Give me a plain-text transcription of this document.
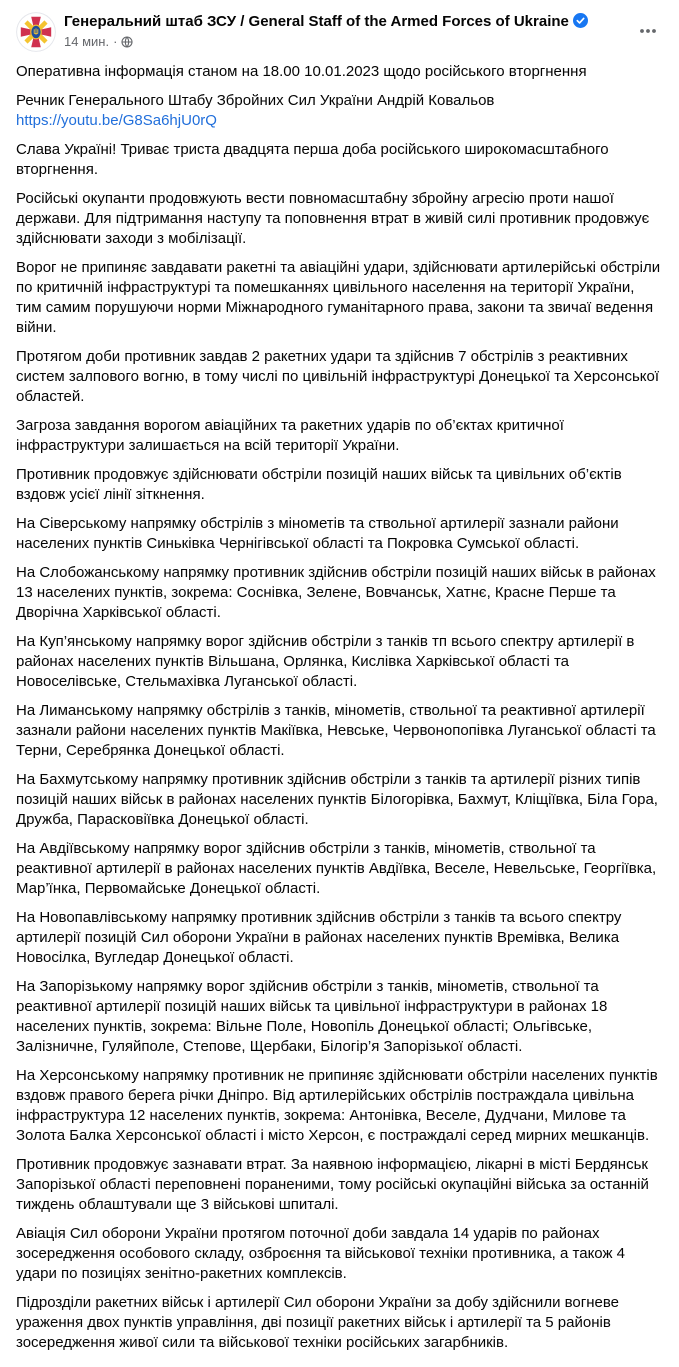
Генеральний штаб ЗСУ / General Staff of the Armed Forces of Ukraine
14 мин. ·

Оперативна інформація станом на 18.00 10.01.2023 щодо російського вторгнення

Речник Генерального Штабу Збройних Сил України Андрій Ковальов
https://youtu.be/G8Sa6hjU0rQ

Слава Україні! Триває триста двадцята перша доба російського широкомасштабного вторгнення.

Російські окупанти продовжують вести повномасштабну збройну агресію проти нашої держави. Для підтримання наступу та поповнення втрат в живій силі противник продовжує здійснювати заходи з мобілізації.

Ворог не припиняє завдавати ракетні та авіаційні удари, здійснювати артилерійські обстріли по критичній інфраструктурі та помешканнях цивільного населення на території України, тим самим порушуючи норми Міжнародного гуманітарного права, закони та звичаї ведення війни.

Протягом доби противник завдав 2 ракетних удари та здійснив 7 обстрілів з реактивних систем залпового вогню, в тому числі по цивільній інфраструктурі Донецької та Херсонської областей.

Загроза завдання ворогом авіаційних та ракетних ударів по об’єктах критичної інфраструктури залишається на всій території України.

Противник продовжує здійснювати обстріли позицій наших військ та цивільних об’єктів вздовж усієї лінії зіткнення.

На Сіверському напрямку обстрілів з мінометів та ствольної артилерії зазнали райони населених пунктів Синьківка Чернігівської області та Покровка Сумської області.

На Слобожанському напрямку противник здійснив обстріли позицій наших військ в районах 13 населених пунктів, зокрема: Соснівка, Зелене, Вовчанськ, Хатнє, Красне Перше та Дворічна Харківської області.

На Куп’янському напрямку ворог здійснив обстріли з танків тп всього спектру артилерії в районах населених пунктів Вільшана, Орлянка, Кислівка Харківської області та Новоселівське, Стельмахівка Луганської області.

На Лиманському напрямку обстрілів з танків, мінометів, ствольної та реактивної артилерії зазнали райони населених пунктів Макіївка, Невське, Червонопопівка Луганської області та Терни, Серебрянка Донецької області.

На Бахмутському напрямку противник здійснив обстріли з танків та артилерії різних типів позицій наших військ в районах населених пунктів Білогорівка, Бахмут, Кліщіївка, Біла Гора, Дружба, Парасковіївка Донецької області.

На Авдіївському напрямку ворог здійснив обстріли з танків, мінометів, ствольної та реактивної артилерії в районах населених пунктів Авдіївка, Веселе, Невельське, Георгіївка, Мар’їнка, Первомайське Донецької області.

На Новопавлівському напрямку противник здійснив обстріли з танків та всього спектру артилерії позицій Сил оборони України в районах населених пунктів Времівка, Велика Новосілка, Вугледар Донецької області.

На Запорізькому напрямку ворог здійснив обстріли з танків, мінометів, ствольної та реактивної артилерії позицій наших військ та цивільної інфраструктури в районах 18 населених пунктів, зокрема: Вільне Поле, Новопіль Донецької області; Ольгівське, Залізничне, Гуляйполе, Степове, Щербаки, Білогір’я Запорізької області.

На Херсонському напрямку противник не припиняє здійснювати обстріли населених пунктів вздовж правого берега річки Дніпро. Від артилерійських обстрілів постраждала цивільна інфраструктура 12 населених пунктів, зокрема: Антонівка, Веселе, Дудчани, Милове та Золота Балка Херсонської області і місто Херсон, є постраждалі серед мирних мешканців.

Противник продовжує зазнавати втрат. За наявною інформацією, лікарні в місті Бердянськ Запорізької області переповнені пораненими, тому російські окупаційні війська за останній тиждень облаштували ще 3 військові шпиталі.

Авіація Сил оборони України протягом поточної доби завдала 14 ударів по районах зосередження особового складу, озброєння та військової техніки противника, а також 4 удари по позиціях зенітно-ракетних комплексів.

Підрозділи ракетних військ і артилерії Сил оборони України за добу здійснили вогневе ураження двох пунктів управління, дві позиції ракетних військ і артилерії та 5 районів зосередження живої сили та військової техніки російських загарбників.
